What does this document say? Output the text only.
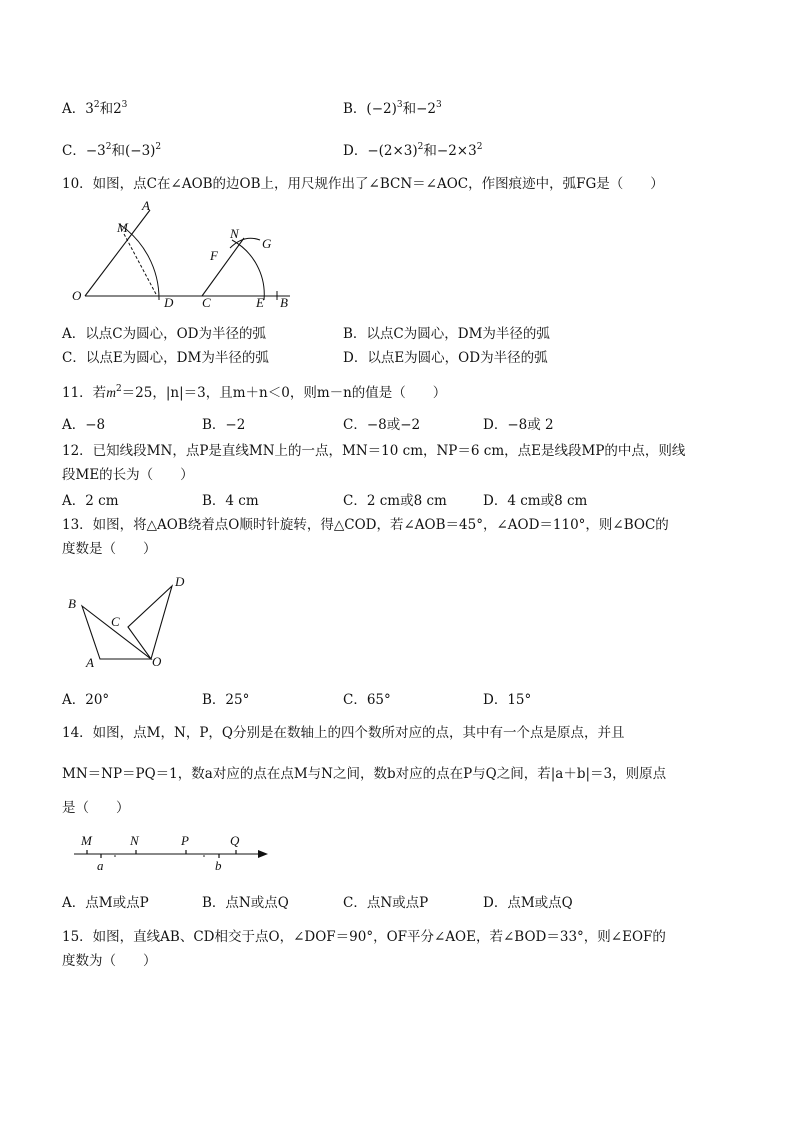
A．$3^2$和$2^3$	B．$(-2)^3$和$-2^3$
C．$-3^2$和$(-3)^2$	D．$-(2\times 3)^2$和$-2\times 3^2$
10．如图，点C在∠AOB的边OB上，用尺规作出了∠BCN＝∠AOC，作图痕迹中，弧FG是（　　）
A
M
O	D C
N
G
F
E B
A．以点C为圆心，OD为半径的弧	B．以点C为圆心，DM为半径的弧
C．以点E为圆心，DM为半径的弧	D．以点E为圆心，OD为半径的弧
11．若$m^2=25$，|n|＝3，且m＋n＜0，则m－n的值是（　　）
A．−8	B．−2	C．−8或−2	D．−8或 2
12．已知线段MN，点P是直线MN上的一点，MN＝10 cm，NP＝6 cm，点E是线段MP的中点，则线
段ME的长为（　　）
A．2 cm	B．4 cm	C．2 cm或8 cm	D．4 cm或8 cm
13．如图，将△AOB绕着点O顺时针旋转，得△COD，若∠AOB＝45°，∠AOD＝110°，则∠BOC的
度数是（　　）
B
C
A	O
D
A．20°	B．25°	C．65°	D．15°
14．如图，点M，N，P，Q分别是在数轴上的四个数所对应的点，其中有一个点是原点，并且
MN＝NP＝PQ＝1，数a对应的点在点M与N之间，数b对应的点在P与Q之间，若|a＋b|＝3，则原点
是（　　）
M	N	P	Q
a	b
A．点M或点P	B．点N或点Q	C．点N或点P	D．点M或点Q
15．如图，直线AB、CD相交于点O，∠DOF＝90°，OF平分∠AOE，若∠BOD＝33°，则∠EOF的
度数为（　　）
